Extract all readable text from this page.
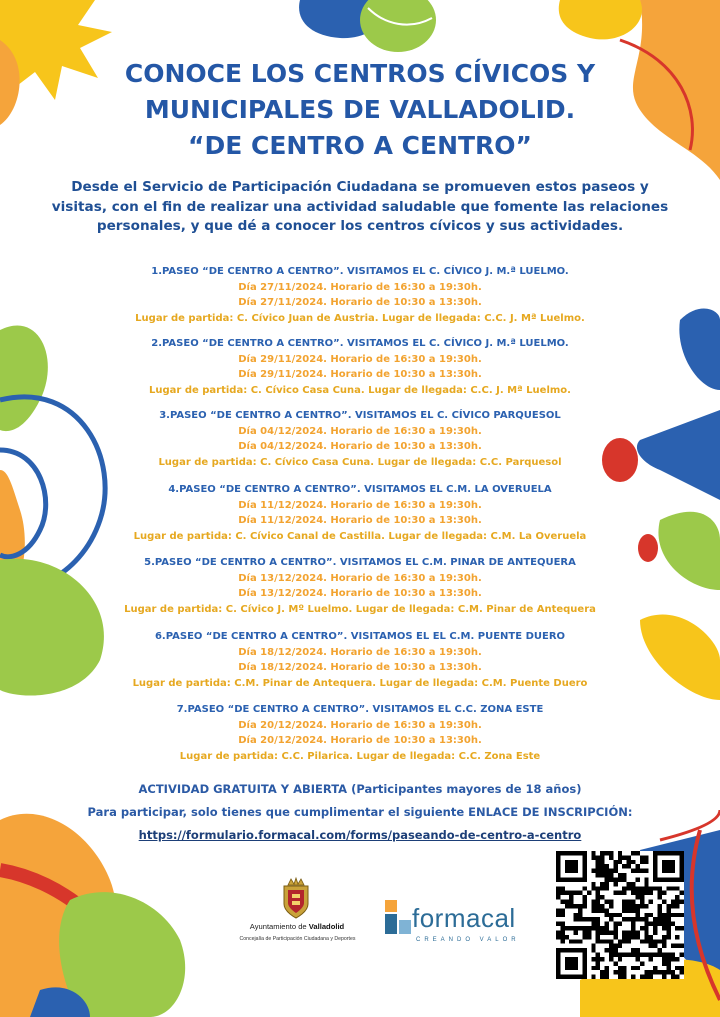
CONOCE LOS CENTROS CÍVICOS Y

MUNICIPALES DE VALLADOLID.

“DE CENTRO A CENTRO”

Desde el Servicio de Participación Ciudadana se promueven estos paseos y
visitas, con el fin de realizar una actividad saludable que fomente las relaciones
personales, y que dé a conocer los centros cívicos y sus actividades.
1.PASEO “DE CENTRO A CENTRO”. VISITAMOS EL C. CÍVICO J. M.ª LUELMO.
Día 27/11/2024. Horario de 16:30 a 19:30h.
Día 27/11/2024. Horario de 10:30 a 13:30h.
Lugar de partida: C. Cívico Juan de Austria. Lugar de llegada: C.C. J. Mª Luelmo.
2.PASEO “DE CENTRO A CENTRO”. VISITAMOS EL C. CÍVICO J. M.ª LUELMO.
Día 29/11/2024. Horario de 16:30 a 19:30h.
Día 29/11/2024. Horario de 10:30 a 13:30h.
Lugar de partida: C. Cívico Casa Cuna. Lugar de llegada: C.C. J. Mª Luelmo.
3.PASEO “DE CENTRO A CENTRO”. VISITAMOS EL C. CÍVICO PARQUESOL
Día 04/12/2024. Horario de 16:30 a 19:30h.
Día 04/12/2024. Horario de 10:30 a 13:30h.
Lugar de partida: C. Cívico Casa Cuna. Lugar de llegada: C.C. Parquesol
4.PASEO “DE CENTRO A CENTRO”. VISITAMOS EL C.M. LA OVERUELA
Día 11/12/2024. Horario de 16:30 a 19:30h.
Día 11/12/2024. Horario de 10:30 a 13:30h.
Lugar de partida: C. Cívico Canal de Castilla. Lugar de llegada: C.M. La Overuela
5.PASEO “DE CENTRO A CENTRO”. VISITAMOS EL C.M. PINAR DE ANTEQUERA
Día 13/12/2024. Horario de 16:30 a 19:30h.
Día 13/12/2024. Horario de 10:30 a 13:30h.
Lugar de partida: C. Cívico J. Mº Luelmo. Lugar de llegada: C.M. Pinar de Antequera
6.PASEO “DE CENTRO A CENTRO”. VISITAMOS EL EL C.M. PUENTE DUERO
Día 18/12/2024. Horario de 16:30 a 19:30h.
Día 18/12/2024. Horario de 10:30 a 13:30h.
Lugar de partida: C.M. Pinar de Antequera. Lugar de llegada: C.M. Puente Duero
7.PASEO “DE CENTRO A CENTRO”. VISITAMOS EL C.C. ZONA ESTE
Día 20/12/2024. Horario de 16:30 a 19:30h.
Día 20/12/2024. Horario de 10:30 a 13:30h.
Lugar de partida: C.C. Pilarica. Lugar de llegada: C.C. Zona Este
ACTIVIDAD GRATUITA Y ABIERTA (Participantes mayores de 18 años)
Para participar, solo tienes que cumplimentar el siguiente ENLACE DE INSCRIPCIÓN:
https://formulario.formacal.com/forms/paseando-de-centro-a-centro
Ayuntamiento de Valladolid
Concejalía de Participación Ciudadana y Deportes
formacal
CREANDO VALOR
